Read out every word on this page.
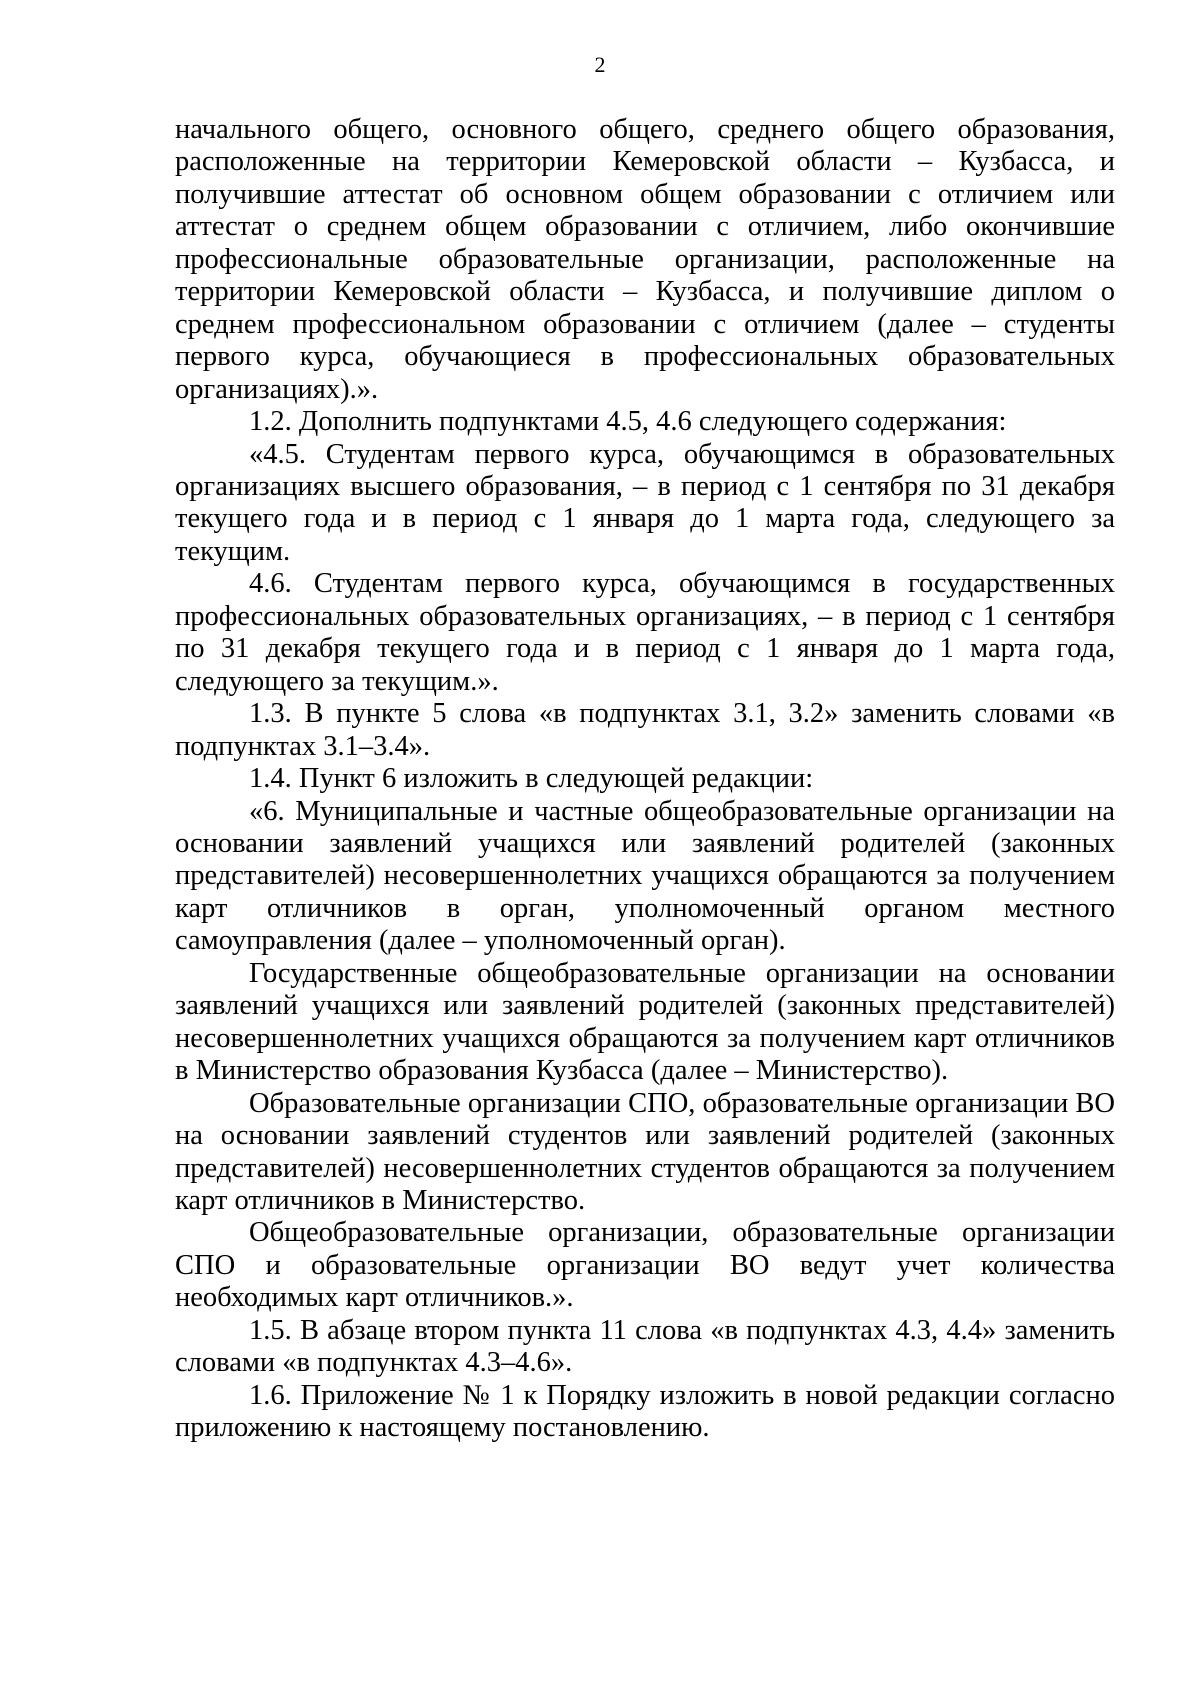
2

начального общего, основного общего, среднего общего образования, расположенные на территории Кемеровской области – Кузбасса, и получившие аттестат об основном общем образовании с отличием или аттестат о среднем общем образовании с отличием, либо окончившие профессиональные образовательные организации, расположенные на территории Кемеровской области – Кузбасса, и получившие диплом о среднем профессиональном образовании с отличием (далее – студенты первого курса, обучающиеся в профессиональных образовательных организациях).».

1.2. Дополнить подпунктами 4.5, 4.6 следующего содержания:

«4.5. Студентам первого курса, обучающимся в образовательных организациях высшего образования, – в период с 1 сентября по 31 декабря текущего года и в период с 1 января до 1 марта года, следующего за текущим.

4.6. Студентам первого курса, обучающимся в государственных профессиональных образовательных организациях, – в период с 1 сентября по 31 декабря текущего года и в период с 1 января до 1 марта года, следующего за текущим.».

1.3. В пункте 5 слова «в подпунктах 3.1, 3.2» заменить словами «в подпунктах 3.1–3.4».

1.4. Пункт 6 изложить в следующей редакции:

«6. Муниципальные и частные общеобразовательные организации на основании заявлений учащихся или заявлений родителей (законных представителей) несовершеннолетних учащихся обращаются за получением карт отличников в орган, уполномоченный органом местного самоуправления (далее – уполномоченный орган).

Государственные общеобразовательные организации на основании заявлений учащихся или заявлений родителей (законных представителей) несовершеннолетних учащихся обращаются за получением карт отличников в Министерство образования Кузбасса (далее – Министерство).

Образовательные организации СПО, образовательные организации ВО на основании заявлений студентов или заявлений родителей (законных представителей) несовершеннолетних студентов обращаются за получением карт отличников в Министерство.

Общеобразовательные организации, образовательные организации СПО и образовательные организации ВО ведут учет количества необходимых карт отличников.».

1.5. В абзаце втором пункта 11 слова «в подпунктах 4.3, 4.4» заменить словами «в подпунктах 4.3–4.6».

1.6. Приложение № 1 к Порядку изложить в новой редакции согласно приложению к настоящему постановлению.
